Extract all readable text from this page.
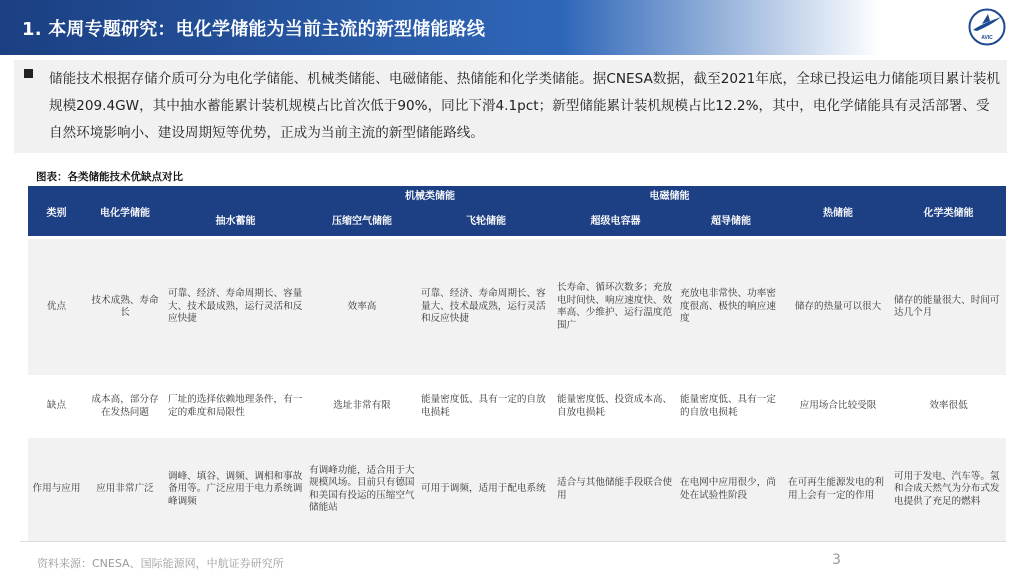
1. 本周专题研究：电化学储能为当前主流的新型储能路线	AVIC
储能技术根据存储介质可分为电化学储能、机械类储能、电磁储能、热储能和化学类储能。据CNESA数据，截至2021年底，全球已投运电力储能项目累计装机规模209.4GW，其中抽水蓄能累计装机规模占比首次低于90%，同比下滑4.1pct；新型储能累计装机规模占比12.2%，其中，电化学储能具有灵活部署、受自然环境影响小、建设周期短等优势，正成为当前主流的新型储能路线。
图表：各类储能技术优缺点对比
类别	电化学储能		机械类储能		电磁储能		热储能	化学类储能
		抽水蓄能	压缩空气储能	飞轮储能	超级电容器	超导储能		
优点	技术成熟、寿命长	可靠、经济、寿命周期长、容量大、技术最成熟，运行灵活和反应快捷	效率高	可靠、经济、寿命周期长、容量大、技术最成熟，运行灵活和反应快捷	长寿命、循环次数多；充放电时间快、响应速度快、效率高、少维护、运行温度范围广	充放电非常快、功率密度很高、极快的响应速度	储存的热量可以很大	储存的能量很大、时间可达几个月
缺点	成本高，部分存在发热问题	厂址的选择依赖地理条件，有一定的难度和局限性	选址非常有限	能量密度低、具有一定的自放电损耗	能量密度低、投资成本高、自放电损耗	能量密度低、具有一定的自放电损耗	应用场合比较受限	效率很低
作用与应用	应用非常广泛	调峰、填谷、调频、调相和事故备用等。广泛应用于电力系统调峰调频	有调峰功能，适合用于大规模风场。目前只有德国和美国有投运的压缩空气储能站	可用于调频，适用于配电系统	适合与其他储能手段联合使用	在电网中应用很少，尚处在试验性阶段	在可再生能源发电的利用上会有一定的作用	可用于发电、汽车等。氢和合成天然气为分布式发电提供了充足的燃料
资料来源：CNESA、国际能源网，中航证券研究所	3
